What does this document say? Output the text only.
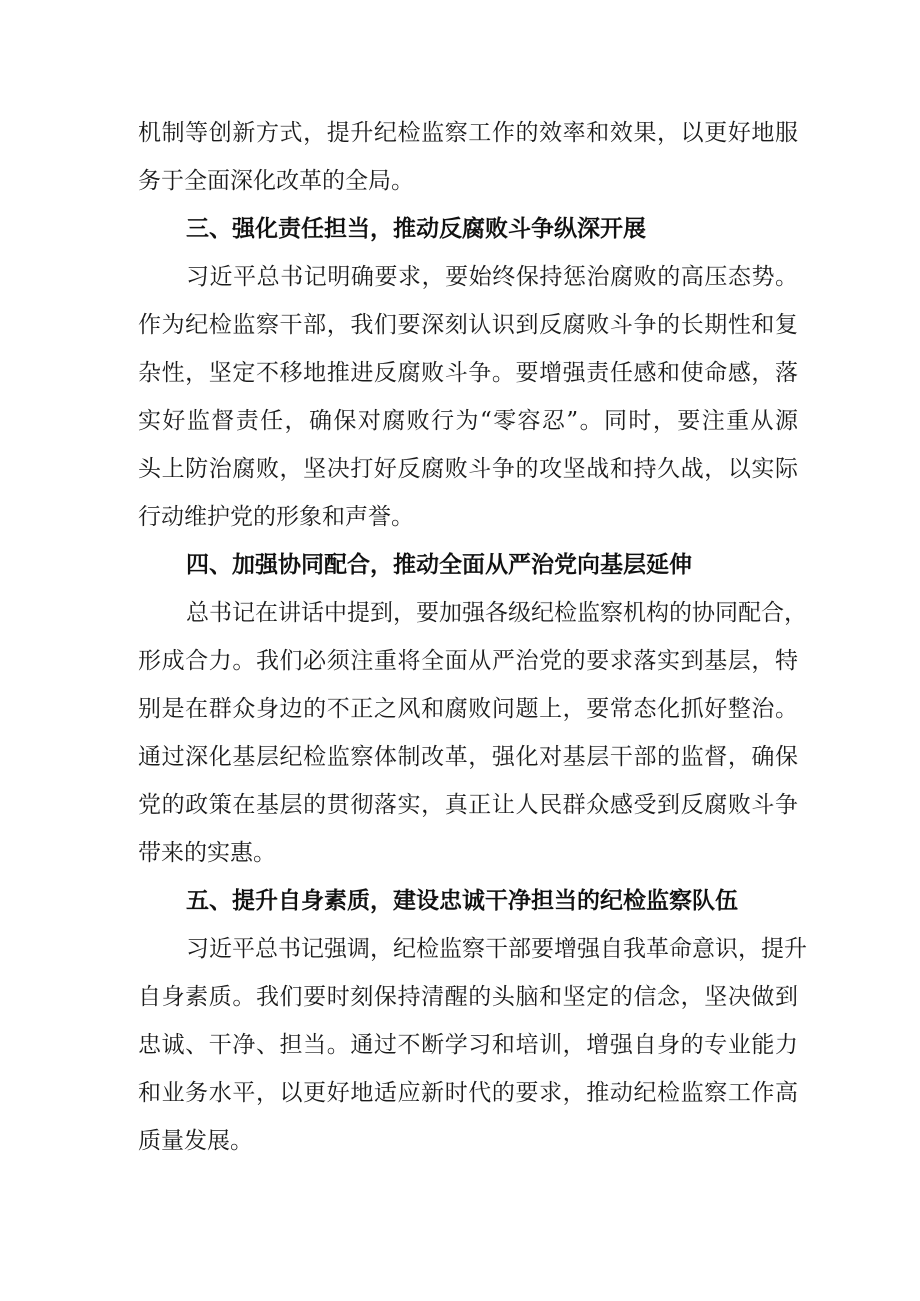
机制等创新方式，提升纪检监察工作的效率和效果，以更好地服
务于全面深化改革的全局。
三、强化责任担当，推动反腐败斗争纵深开展
习近平总书记明确要求，要始终保持惩治腐败的高压态势。
作为纪检监察干部，我们要深刻认识到反腐败斗争的长期性和复
杂性，坚定不移地推进反腐败斗争。要增强责任感和使命感，落
实好监督责任，确保对腐败行为“零容忍”。同时，要注重从源
头上防治腐败，坚决打好反腐败斗争的攻坚战和持久战，以实际
行动维护党的形象和声誉。
四、加强协同配合，推动全面从严治党向基层延伸
总书记在讲话中提到，要加强各级纪检监察机构的协同配合，
形成合力。我们必须注重将全面从严治党的要求落实到基层，特
别是在群众身边的不正之风和腐败问题上，要常态化抓好整治。
通过深化基层纪检监察体制改革，强化对基层干部的监督，确保
党的政策在基层的贯彻落实，真正让人民群众感受到反腐败斗争
带来的实惠。
五、提升自身素质，建设忠诚干净担当的纪检监察队伍
习近平总书记强调，纪检监察干部要增强自我革命意识，提升
自身素质。我们要时刻保持清醒的头脑和坚定的信念，坚决做到
忠诚、干净、担当。通过不断学习和培训，增强自身的专业能力
和业务水平，以更好地适应新时代的要求，推动纪检监察工作高
质量发展。
